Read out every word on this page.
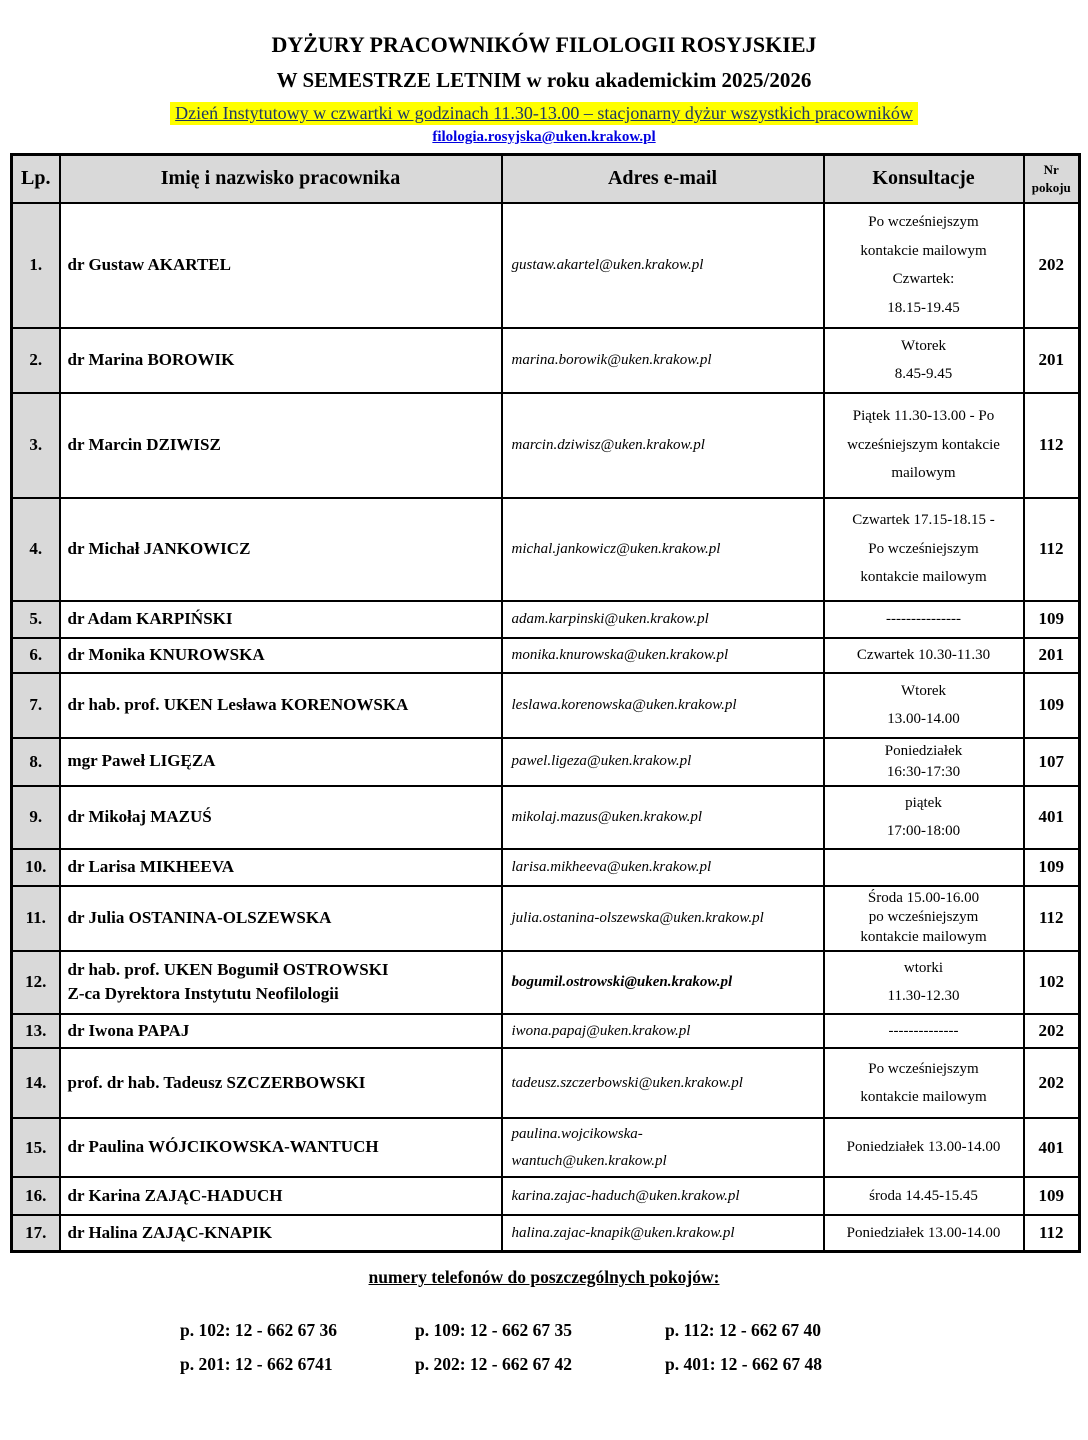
DYŻURY PRACOWNIKÓW FILOLOGII ROSYJSKIEJ
W SEMESTRZE LETNIM w roku akademickim 2025/2026
Dzień Instytutowy w czwartki w godzinach 11.30-13.00 – stacjonarny dyżur wszystkich pracowników
filologia.rosyjska@uken.krakow.pl
Lp.	Imię i nazwisko pracownika	Adres e-mail	Konsultacje	Nr
pokoju

1.	dr Gustaw AKARTEL	gustaw.akartel@uken.krakow.pl	Po wcześniejszym
kontakcie mailowym
Czwartek:
18.15-19.45	202
2.	dr Marina BOROWIK	marina.borowik@uken.krakow.pl	Wtorek
8.45-9.45	201
3.	dr Marcin DZIWISZ	marcin.dziwisz@uken.krakow.pl	Piątek 11.30-13.00 - Po
wcześniejszym kontakcie
mailowym	112
4.	dr Michał JANKOWICZ	michal.jankowicz@uken.krakow.pl	Czwartek 17.15-18.15 -
Po wcześniejszym
kontakcie mailowym	112
5.	dr Adam KARPIŃSKI	adam.karpinski@uken.krakow.pl	---------------	109
6.	dr Monika KNUROWSKA	monika.knurowska@uken.krakow.pl	Czwartek 10.30-11.30	201
7.	dr hab. prof. UKEN Lesława KORENOWSKA	leslawa.korenowska@uken.krakow.pl	Wtorek
13.00-14.00	109
8.	mgr Paweł LIGĘZA	pawel.ligeza@uken.krakow.pl	Poniedziałek
16:30-17:30	107
9.	dr Mikołaj MAZUŚ	mikolaj.mazus@uken.krakow.pl	piątek
17:00-18:00	401
10.	dr Larisa MIKHEEVA	larisa.mikheeva@uken.krakow.pl		109
11.	dr Julia OSTANINA-OLSZEWSKA	julia.ostanina-olszewska@uken.krakow.pl	Środa 15.00-16.00
po wcześniejszym
kontakcie mailowym	112
12.	dr hab. prof. UKEN Bogumił OSTROWSKI
Z-ca Dyrektora Instytutu Neofilologii	bogumil.ostrowski@uken.krakow.pl	wtorki
11.30-12.30	102
13.	dr Iwona PAPAJ	iwona.papaj@uken.krakow.pl	--------------	202
14.	prof. dr hab. Tadeusz SZCZERBOWSKI	tadeusz.szczerbowski@uken.krakow.pl	Po wcześniejszym
kontakcie mailowym	202
15.	dr Paulina WÓJCIKOWSKA-WANTUCH	paulina.wojcikowska-
wantuch@uken.krakow.pl	Poniedziałek 13.00-14.00	401
16.	dr Karina ZAJĄC-HADUCH	karina.zajac-haduch@uken.krakow.pl	środa 14.45-15.45	109
17.	dr Halina ZAJĄC-KNAPIK	halina.zajac-knapik@uken.krakow.pl	Poniedziałek 13.00-14.00	112
numery telefonów do poszczególnych pokojów:
p. 102: 12 - 662 67 36	p. 109: 12 - 662 67 35	p. 112: 12 - 662 67 40
p. 201: 12 - 662 6741	p. 202: 12 - 662 67 42	p. 401: 12 - 662 67 48
